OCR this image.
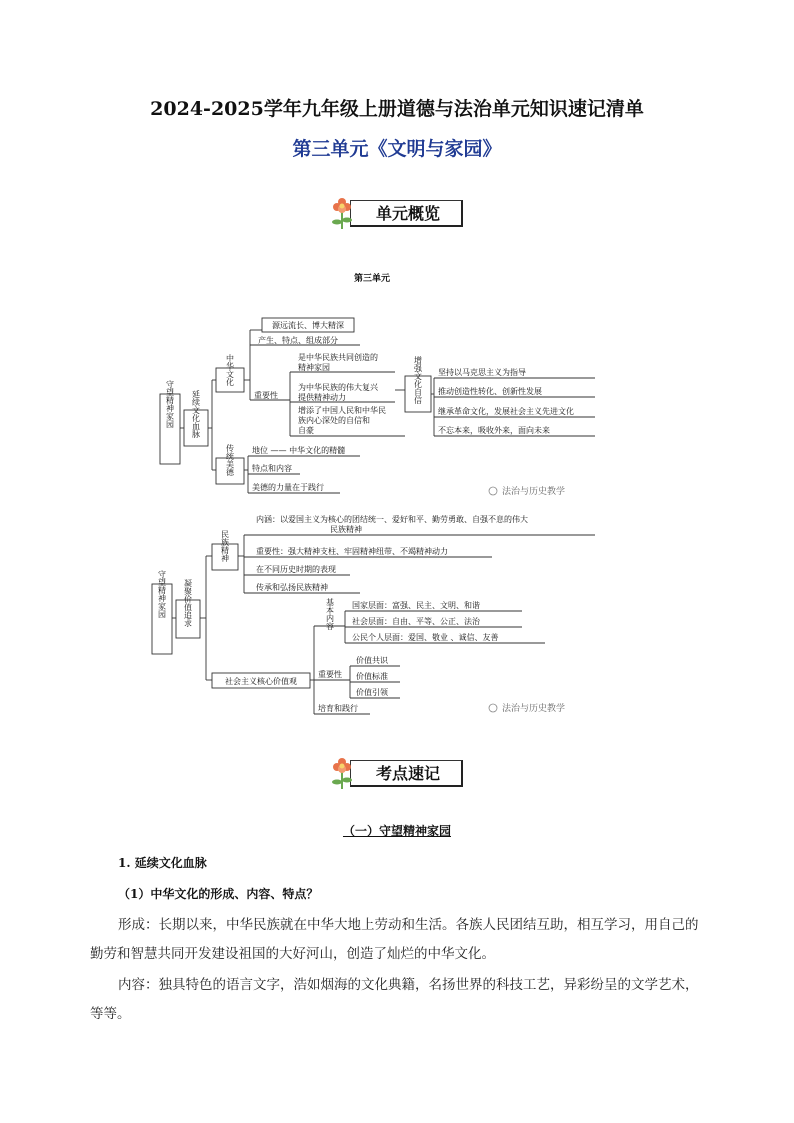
2024-2025学年九年级上册道德与法治单元知识速记清单
第三单元《文明与家园》
单元概览
第三单元
守望精神家园 延续文化血脉
中华文化
传统美德
源远流长、博大精深
产生、特点、组成部分
重要性
是中华民族共同创造的
精神家园
为中华民族的伟大复兴
提供精神动力
增添了中国人民和中华民
族内心深处的自信和
自豪
增强文化自信 坚持以马克思主义为指导
推动创造性转化、创新性发展
继承革命文化，发展社会主义先进文化
不忘本来，吸收外来，面向未来
地位 —— 中华文化的精髓
特点和内容
美德的力量在于践行
守望精神家园 凝聚价值追求
民族精神
内涵：以爱国主义为核心的团结统一、爱好和平、勤劳勇敢、自强不息的伟大
民族精神
重要性：强大精神支柱、牢固精神纽带、不竭精神动力
在不同历史时期的表现
传承和弘扬民族精神
社会主义核心价值观
基本内容 国家层面：富强、民主、文明、和谐
社会层面：自由、平等、公正、法治
公民个人层面：爱国、敬业 、诚信、友善
重要性
价值共识
价值标准
价值引领
培育和践行
法治与历史教学
法治与历史教学
考点速记
（一）守望精神家园
1. 延续文化血脉
（1）中华文化的形成、内容、特点？
形成：长期以来，中华民族就在中华大地上劳动和生活。各族人民团结互助，相互学习，用自己的勤劳和智慧共同开发建设祖国的大好河山，创造了灿烂的中华文化。
内容：独具特色的语言文字，浩如烟海的文化典籍，名扬世界的科技工艺，异彩纷呈的文学艺术，等等。
